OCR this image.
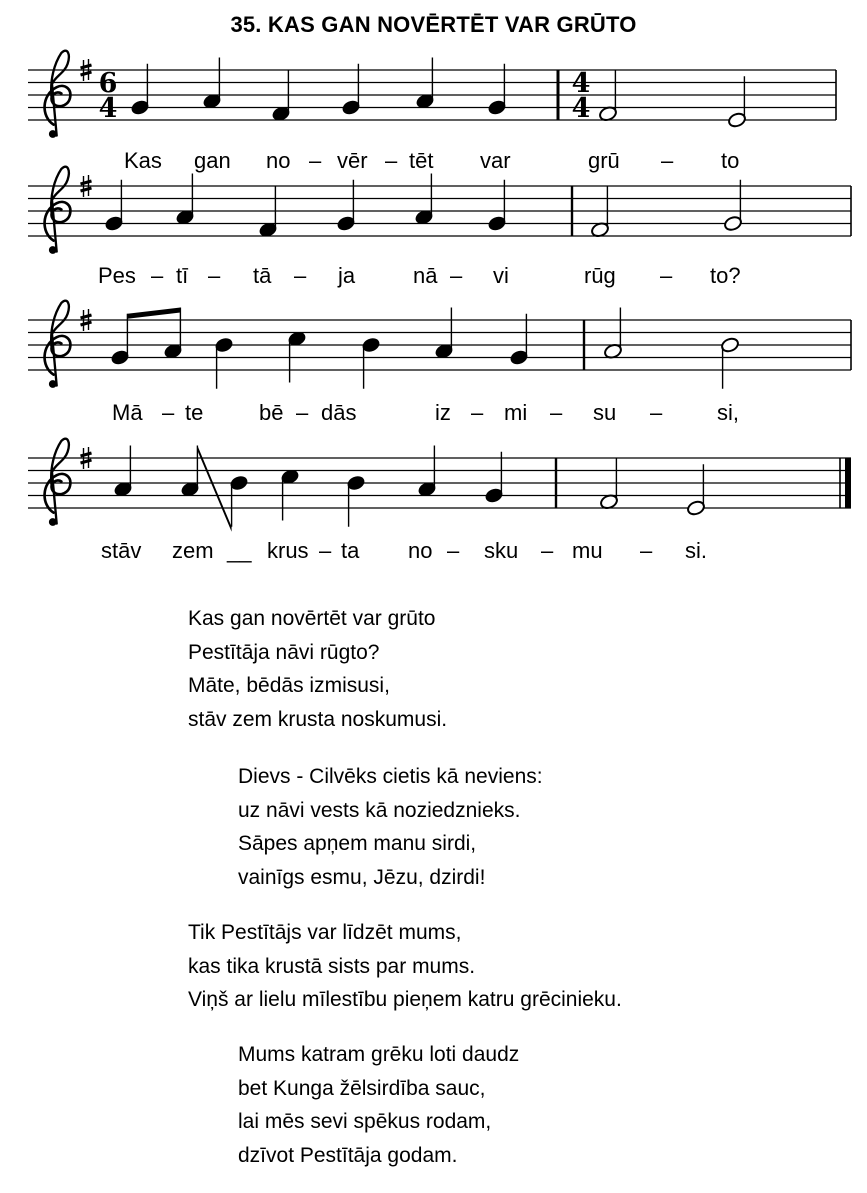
35. KAS GAN NOVĒRTĒT VAR GRŪTO
6
4
4
4
Kas gan no – vēr – tēt var	grū – to
Pes – tī – tā – ja	nā – vi	rūg – to?
Mā – te	bē – dās	iz – mi – su – si,
stāv zem __ krus – ta no – sku – mu – si.
Kas gan novērtēt var grūto
Pestītāja nāvi rūgto?
Māte, bēdās izmisusi,
stāv zem krusta noskumusi.
Dievs - Cilvēks cietis kā neviens:
uz nāvi vests kā noziedznieks.
Sāpes apņem manu sirdi,
vainīgs esmu, Jēzu, dzirdi!
Tik Pestītājs var līdzēt mums,
kas tika krustā sists par mums.
Viņš ar lielu mīlestību pieņem katru grēcinieku.
Mums katram grēku loti daudz
bet Kunga žēlsirdība sauc,
lai mēs sevi spēkus rodam,
dzīvot Pestītāja godam.
